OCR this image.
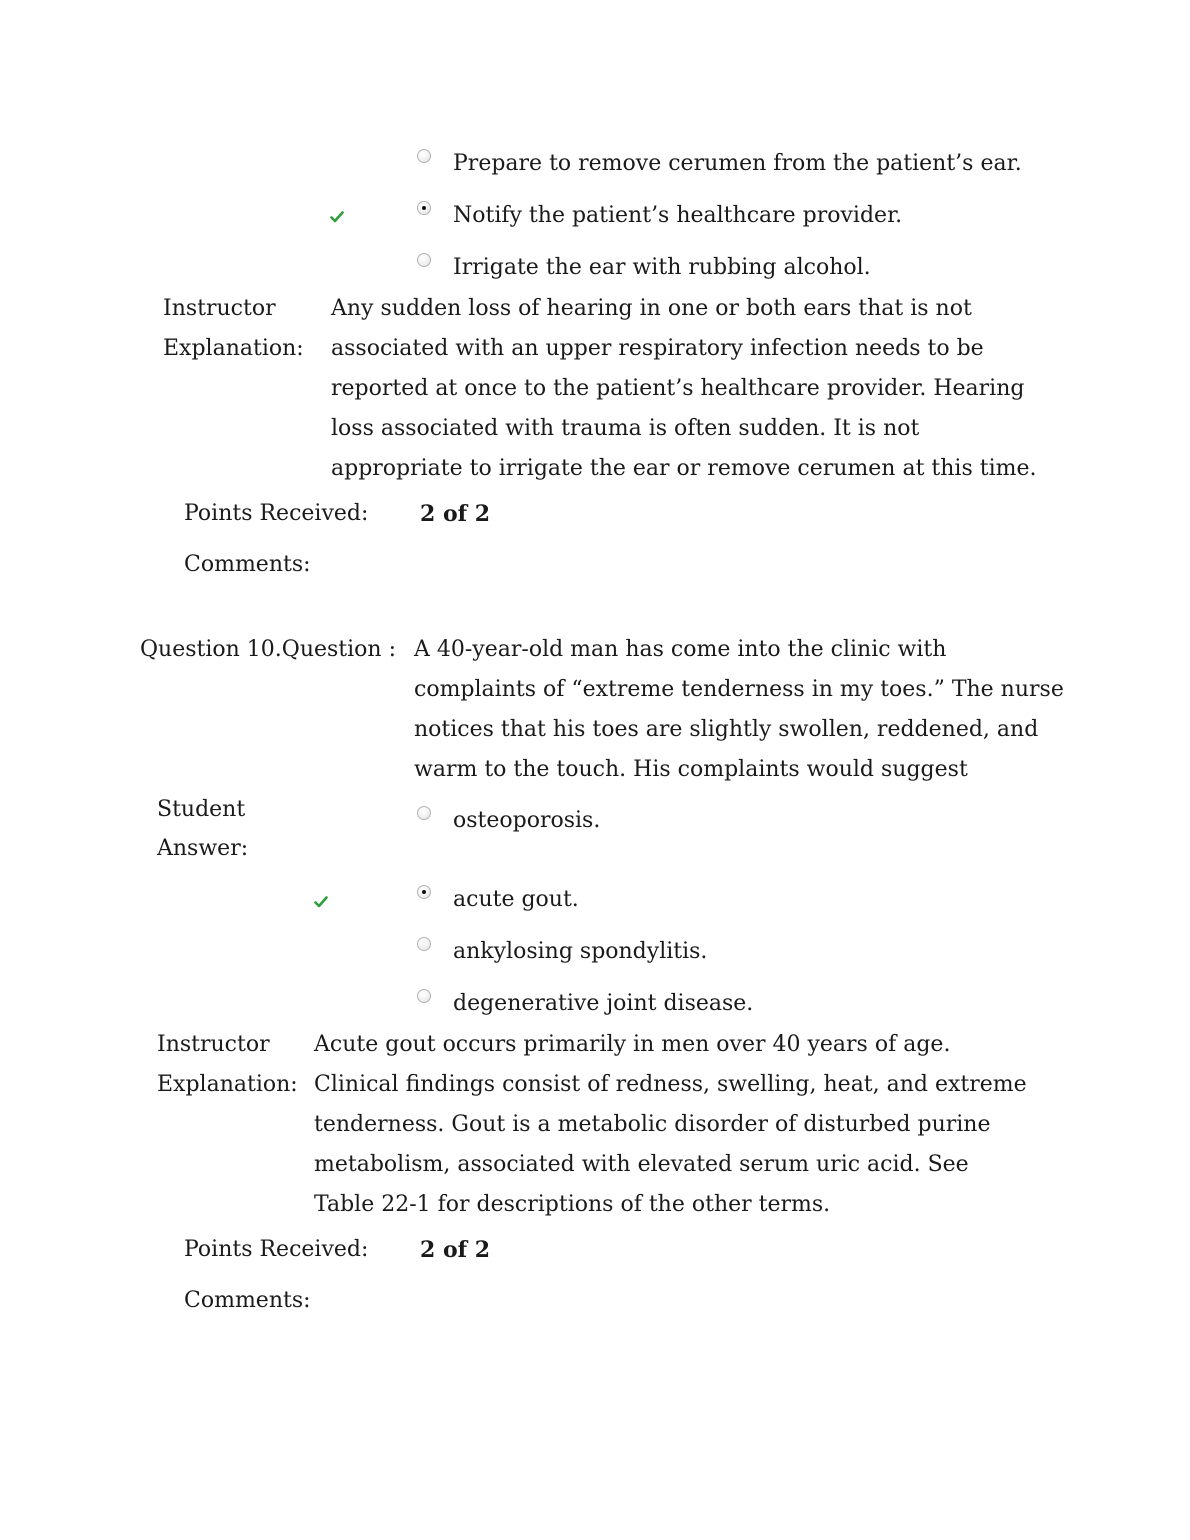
Prepare to remove cerumen from the patient’s ear.
Notify the patient’s healthcare provider.
Irrigate the ear with rubbing alcohol.
Instructor
Explanation:
Any sudden loss of hearing in one or both ears that is not associated with an upper respiratory infection needs to be reported at once to the patient’s healthcare provider. Hearing loss associated with trauma is often sudden. It is not appropriate to irrigate the ear or remove cerumen at this time.
Points Received: 2 of 2
Comments:
Question 10.Question : A 40-year-old man has come into the clinic with complaints of “extreme tenderness in my toes.” The nurse notices that his toes are slightly swollen, reddened, and warm to the touch. His complaints would suggest
Student
Answer:
osteoporosis.
acute gout.
ankylosing spondylitis.
degenerative joint disease.
Instructor
Explanation:
Acute gout occurs primarily in men over 40 years of age. Clinical findings consist of redness, swelling, heat, and extreme tenderness. Gout is a metabolic disorder of disturbed purine metabolism, associated with elevated serum uric acid. See Table 22-1 for descriptions of the other terms.
Points Received: 2 of 2
Comments:
